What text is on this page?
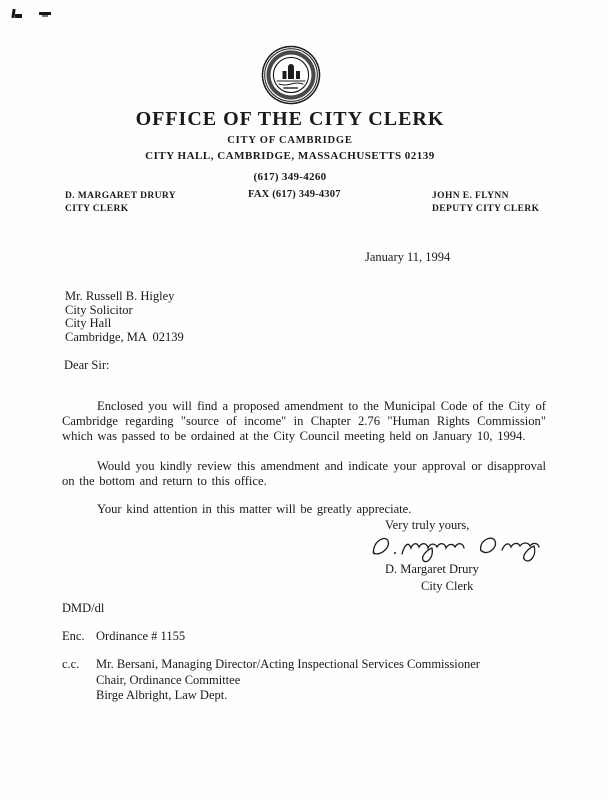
OFFICE OF THE CITY CLERK
CITY OF CAMBRIDGE
CITY HALL, CAMBRIDGE, MASSACHUSETTS 02139
(617) 349-4260
FAX (617) 349-4307
D. MARGARET DRURY
CITY CLERK
JOHN E. FLYNN
DEPUTY CITY CLERK
January 11, 1994
Mr. Russell B. Higley
City Solicitor
City Hall
Cambridge, MA  02139
Dear Sir:

Enclosed you will find a proposed amendment to the Municipal Code of the City of Cambridge regarding "source of income" in Chapter 2.76 "Human Rights Commission" which was passed to be ordained at the City Council meeting held on January 10, 1994.

Would you kindly review this amendment and indicate your approval or disapproval on the bottom and return to this office.

Your kind attention in this matter will be greatly appreciate.

Very truly yours,
D. Margaret Drury
City Clerk
DMD/dl
Enc. Ordinance # 1155
c.c. Mr. Bersani, Managing Director/Acting Inspectional Services Commissioner
Chair, Ordinance Committee
Birge Albright, Law Dept.
